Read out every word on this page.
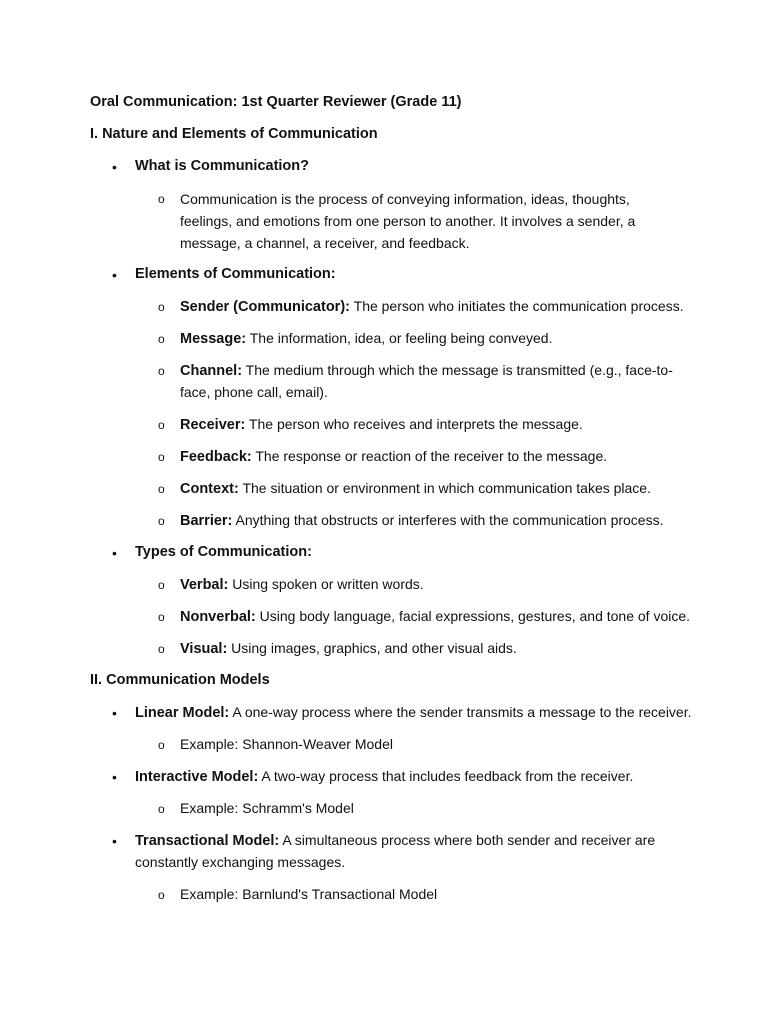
Oral Communication: 1st Quarter Reviewer (Grade 11)
I. Nature and Elements of Communication
• What is Communication?
o Communication is the process of conveying information, ideas, thoughts,
feelings, and emotions from one person to another. It involves a sender, a
message, a channel, a receiver, and feedback.
• Elements of Communication:
o Sender (Communicator): The person who initiates the communication process.
o Message: The information, idea, or feeling being conveyed.
o Channel: The medium through which the message is transmitted (e.g., face-to-
face, phone call, email).
o Receiver: The person who receives and interprets the message.
o Feedback: The response or reaction of the receiver to the message.
o Context: The situation or environment in which communication takes place.
o Barrier: Anything that obstructs or interferes with the communication process.
• Types of Communication:
o Verbal: Using spoken or written words.
o Nonverbal: Using body language, facial expressions, gestures, and tone of voice.
o Visual: Using images, graphics, and other visual aids.
II. Communication Models
• Linear Model: A one-way process where the sender transmits a message to the receiver.
o Example: Shannon-Weaver Model
• Interactive Model: A two-way process that includes feedback from the receiver.
o Example: Schramm's Model
• Transactional Model: A simultaneous process where both sender and receiver are
constantly exchanging messages.
o Example: Barnlund's Transactional Model
